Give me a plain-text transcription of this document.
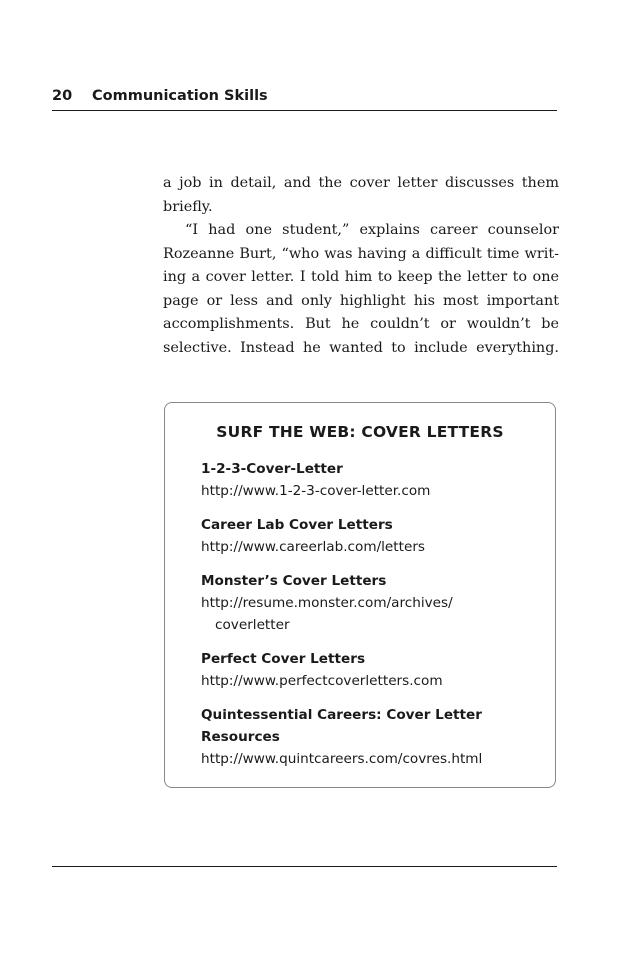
20 Communication Skills

a job in detail, and the cover letter discusses them

briefly.

“I had one student,” explains career counselor Rozeanne Burt, “who was having a difficult time writ-ing a cover letter. I told him to keep the letter to one page or less and only highlight his most important accomplishments. But he couldn’t or wouldn’t be selective. Instead he wanted to include everything.

SURF THE WEB: COVER LETTERS
1-2-3-Cover-Letter
http://www.1-2-3-cover-letter.com
Career Lab Cover Letters
http://www.careerlab.com/letters
Monster’s Cover Letters
http://resume.monster.com/archives/
coverletter
Perfect Cover Letters
http://www.perfectcoverletters.com
Quintessential Careers: Cover Letter
Resources
http://www.quintcareers.com/covres.html
